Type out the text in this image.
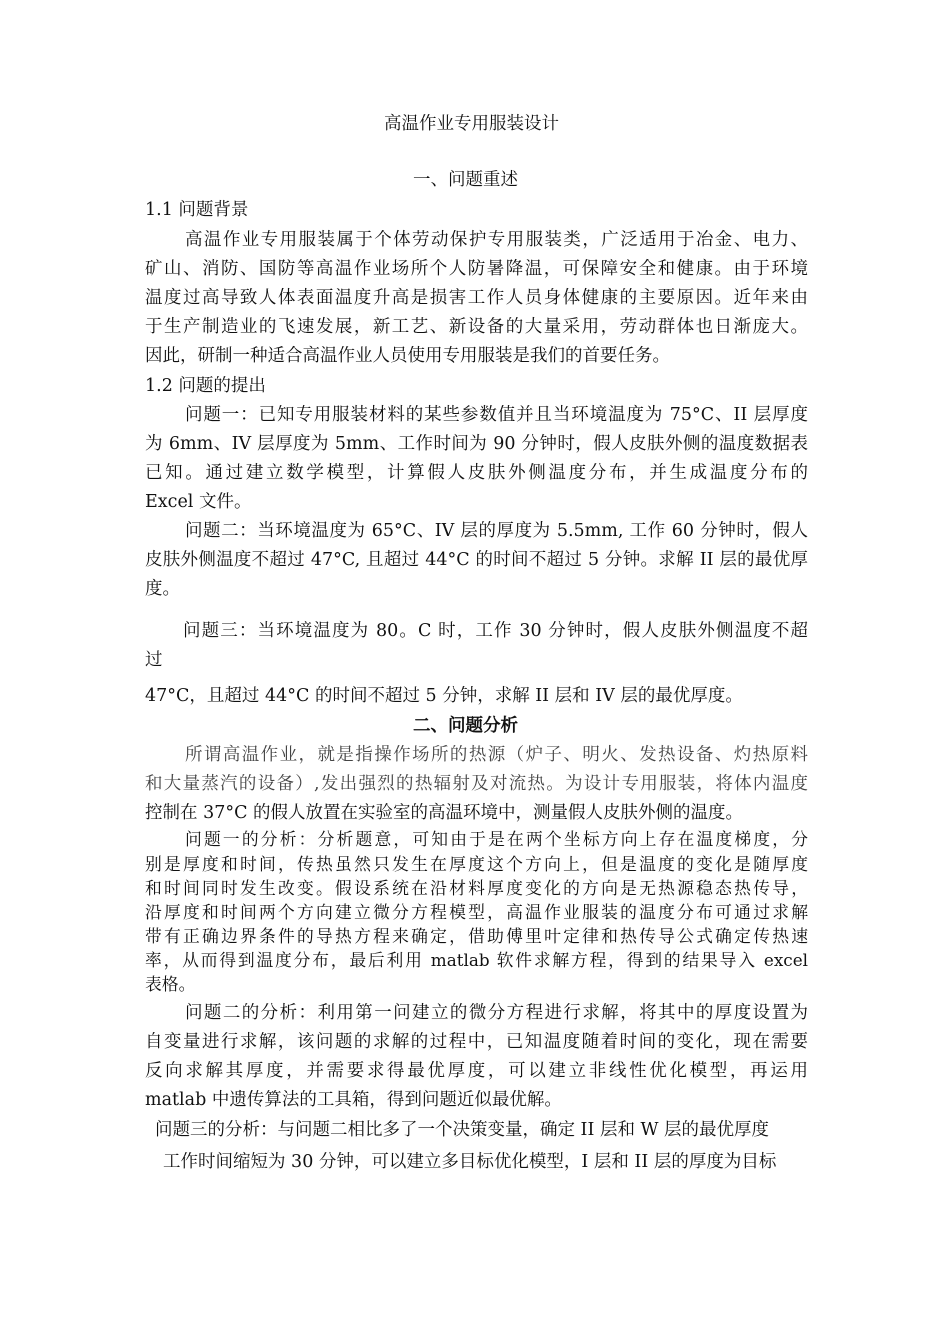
高温作业专用服装设计
一、问题重述
1.1 问题背景
高温作业专用服装属于个体劳动保护专用服装类，广泛适用于冶金、电力、
矿山、消防、国防等高温作业场所个人防暑降温，可保障安全和健康。由于环境
温度过高导致人体表面温度升高是损害工作人员身体健康的主要原因。近年来由
于生产制造业的飞速发展，新工艺、新设备的大量采用，劳动群体也日渐庞大。
因此，研制一种适合高温作业人员使用专用服装是我们的首要任务。
1.2 问题的提出
问题一：已知专用服装材料的某些参数值并且当环境温度为 75°C、II 层厚度
为 6mm、IV 层厚度为 5mm、工作时间为 90 分钟时，假人皮肤外侧的温度数据表
已知。通过建立数学模型，计算假人皮肤外侧温度分布，并生成温度分布的
Excel 文件。
问题二：当环境温度为 65°C、IV 层的厚度为 5.5mm, 工作 60 分钟时，假人
皮肤外侧温度不超过 47°C, 且超过 44°C 的时间不超过 5 分钟。求解 II 层的最优厚
度。
问题三：当环境温度为 80。C 时，工作 30 分钟时，假人皮肤外侧温度不超
过
47°C，且超过 44°C 的时间不超过 5 分钟，求解 II 层和 IV 层的最优厚度。
二、问题分析
所谓高温作业，就是指操作场所的热源（炉子、明火、发热设备、灼热原料
和大量蒸汽的设备）,发出强烈的热辐射及对流热。为设计专用服装，将体内温度
控制在 37°C 的假人放置在实验室的高温环境中，测量假人皮肤外侧的温度。
问题一的分析：分析题意，可知由于是在两个坐标方向上存在温度梯度，分
别是厚度和时间，传热虽然只发生在厚度这个方向上，但是温度的变化是随厚度
和时间同时发生改变。假设系统在沿材料厚度变化的方向是无热源稳态热传导，
沿厚度和时间两个方向建立微分方程模型，高温作业服装的温度分布可通过求解
带有正确边界条件的导热方程来确定，借助傅里叶定律和热传导公式确定传热速
率，从而得到温度分布，最后利用 matlab 软件求解方程，得到的结果导入 excel
表格。
问题二的分析：利用第一问建立的微分方程进行求解，将其中的厚度设置为
自变量进行求解，该问题的求解的过程中，已知温度随着时间的变化，现在需要
反向求解其厚度，并需要求得最优厚度，可以建立非线性优化模型，再运用
matlab 中遗传算法的工具箱，得到问题近似最优解。
问题三的分析：与问题二相比多了一个决策变量，确定 II 层和 W 层的最优厚度
工作时间缩短为 30 分钟，可以建立多目标优化模型，I 层和 II 层的厚度为目标
